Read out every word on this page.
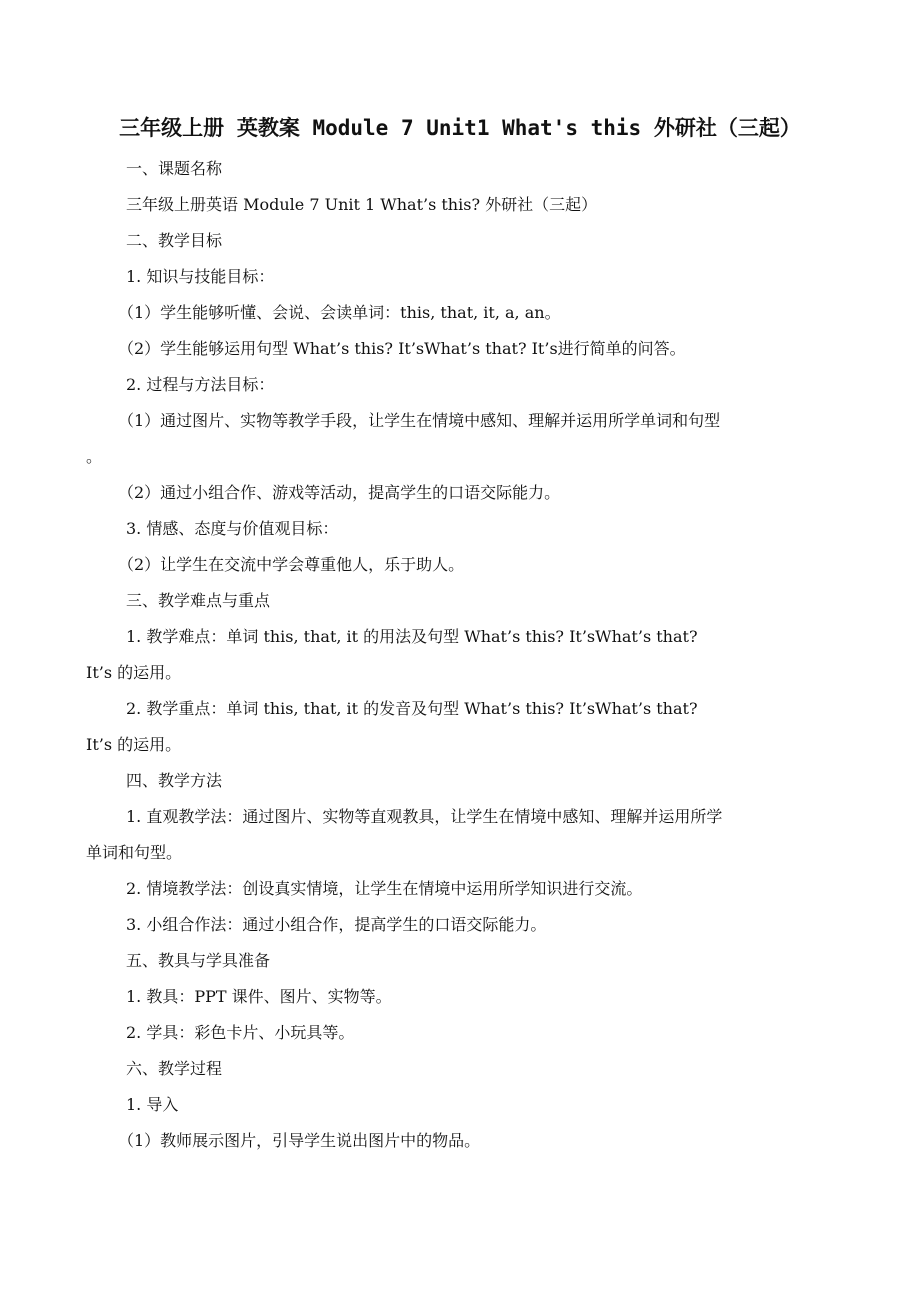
三年级上册 英教案 Module 7 Unit1 What's this 外研社（三起）
一、课题名称
三年级上册英语 Module 7 Unit 1 What’s this? 外研社（三起）
二、教学目标
1. 知识与技能目标：
（1）学生能够听懂、会说、会读单词：this, that, it, a, an。
（2）学生能够运用句型 What’s this? It’sWhat’s that? It’s进行简单的问答。
2. 过程与方法目标：
（1）通过图片、实物等教学手段，让学生在情境中感知、理解并运用所学单词和句型
。
（2）通过小组合作、游戏等活动，提高学生的口语交际能力。
3. 情感、态度与价值观目标：
（2）让学生在交流中学会尊重他人，乐于助人。
三、教学难点与重点
1. 教学难点：单词 this, that, it 的用法及句型 What’s this? It’sWhat’s that?
It’s 的运用。
2. 教学重点：单词 this, that, it 的发音及句型 What’s this? It’sWhat’s that?
It’s 的运用。
四、教学方法
1. 直观教学法：通过图片、实物等直观教具，让学生在情境中感知、理解并运用所学
单词和句型。
2. 情境教学法：创设真实情境，让学生在情境中运用所学知识进行交流。
3. 小组合作法：通过小组合作，提高学生的口语交际能力。
五、教具与学具准备
1. 教具：PPT 课件、图片、实物等。
2. 学具：彩色卡片、小玩具等。
六、教学过程
1. 导入
（1）教师展示图片，引导学生说出图片中的物品。
